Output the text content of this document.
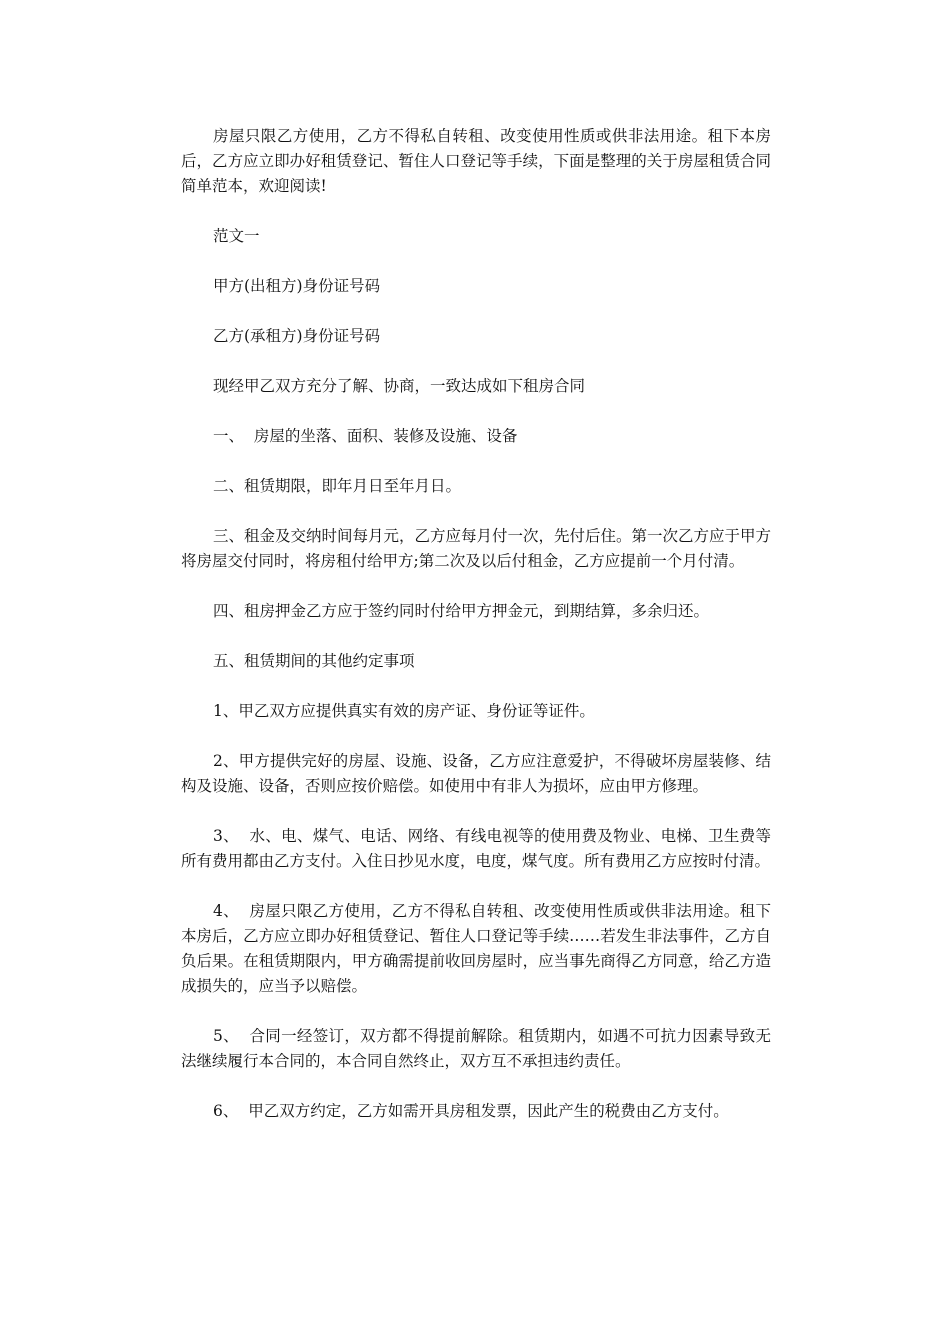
房屋只限乙方使用，乙方不得私自转租、改变使用性质或供非法用途。租下本房后，乙方应立即办好租赁登记、暂住人口登记等手续，下面是整理的关于房屋租赁合同简单范本，欢迎阅读!

范文一

甲方(出租方)身份证号码

乙方(承租方)身份证号码

现经甲乙双方充分了解、协商，一致达成如下租房合同

一、  房屋的坐落、面积、装修及设施、设备

二、租赁期限，即年月日至年月日。

三、租金及交纳时间每月元，乙方应每月付一次，先付后住。第一次乙方应于甲方将房屋交付同时，将房租付给甲方;第二次及以后付租金，乙方应提前一个月付清。

四、租房押金乙方应于签约同时付给甲方押金元，到期结算，多余归还。

五、租赁期间的其他约定事项

1、甲乙双方应提供真实有效的房产证、身份证等证件。

2、甲方提供完好的房屋、设施、设备，乙方应注意爱护，不得破坏房屋装修、结构及设施、设备，否则应按价赔偿。如使用中有非人为损坏，应由甲方修理。

3、  水、电、煤气、电话、网络、有线电视等的使用费及物业、电梯、卫生费等所有费用都由乙方支付。入住日抄见水度，电度，煤气度。所有费用乙方应按时付清。

4、  房屋只限乙方使用，乙方不得私自转租、改变使用性质或供非法用途。租下本房后，乙方应立即办好租赁登记、暂住人口登记等手续……若发生非法事件，乙方自负后果。在租赁期限内，甲方确需提前收回房屋时，应当事先商得乙方同意，给乙方造成损失的，应当予以赔偿。

5、  合同一经签订，双方都不得提前解除。租赁期内，如遇不可抗力因素导致无法继续履行本合同的，本合同自然终止，双方互不承担违约责任。

6、  甲乙双方约定，乙方如需开具房租发票，因此产生的税费由乙方支付。
